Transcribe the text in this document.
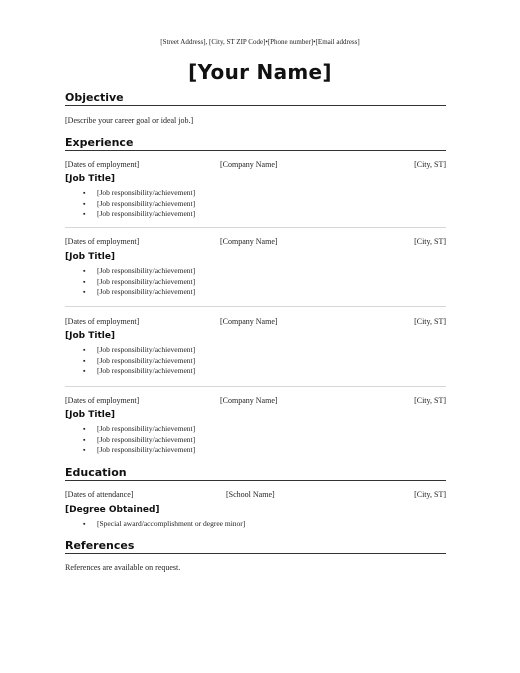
[Street Address], [City, ST ZIP Code]•[Phone number]•[Email address]
[Your Name]
Objective
[Describe your career goal or ideal job.]
Experience
[Dates of employment]	[Company Name]	[City, ST]
[Job Title]
▪ [Job responsibility/achievement]
▪ [Job responsibility/achievement]
▪ [Job responsibility/achievement]
[Dates of employment]	[Company Name]	[City, ST]
[Job Title]
▪ [Job responsibility/achievement]
▪ [Job responsibility/achievement]
▪ [Job responsibility/achievement]
[Dates of employment]	[Company Name]	[City, ST]
[Job Title]
▪ [Job responsibility/achievement]
▪ [Job responsibility/achievement]
▪ [Job responsibility/achievement]
[Dates of employment]	[Company Name]	[City, ST]
[Job Title]
▪ [Job responsibility/achievement]
▪ [Job responsibility/achievement]
▪ [Job responsibility/achievement]
Education
[Dates of attendance]	[School Name]	[City, ST]
[Degree Obtained]
▪ [Special award/accomplishment or degree minor]
References
References are available on request.
